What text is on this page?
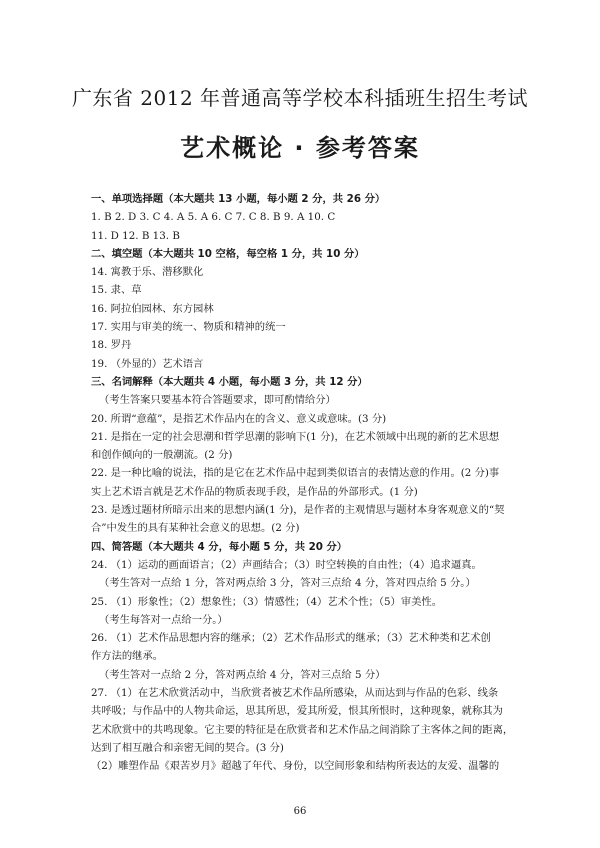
广东省 2012 年普通高等学校本科插班生招生考试
艺术概论 · 参考答案
一、单项选择题（本大题共 13 小题，每小题 2 分，共 26 分）
1. B 2. D 3. C 4. A 5. A 6. C 7. C 8. B 9. A 10. C
11. D 12. B 13. B
二、填空题（本大题共 10 空格，每空格 1 分，共 10 分）
14. 寓教于乐、潜移默化
15. 隶、草
16. 阿拉伯园林、东方园林
17. 实用与审美的统一、物质和精神的统一
18. 罗丹
19. （外显的）艺术语言
三、名词解释（本大题共 4 小题，每小题 3 分，共 12 分）
（考生答案只要基本符合答题要求，即可酌情给分）
20. 所谓“意蕴”，是指艺术作品内在的含义、意义或意味。(3 分)
21. 是指在一定的社会思潮和哲学思潮的影响下(1 分)，在艺术领域中出现的新的艺术思想
和创作倾向的一般潮流。(2 分)
22. 是一种比喻的说法，指的是它在艺术作品中起到类似语言的表情达意的作用。(2 分)事
实上艺术语言就是艺术作品的物质表现手段，是作品的外部形式。(1 分)
23. 是透过题材所暗示出来的思想内涵(1 分)，是作者的主观情思与题材本身客观意义的“契
合”中发生的具有某种社会意义的思想。(2 分)
四、简答题（本大题共 4 分，每小题 5 分，共 20 分）
24. （1）运动的画面语言；（2）声画结合；（3）时空转换的自由性；（4）追求逼真。
（考生答对一点给 1 分，答对两点给 3 分，答对三点给 4 分，答对四点给 5 分。）
25. （1）形象性；（2）想象性；（3）情感性；（4）艺术个性；（5）审美性。
（考生每答对一点给一分。）
26. （1）艺术作品思想内容的继承；（2）艺术作品形式的继承；（3）艺术种类和艺术创
作方法的继承。
（考生答对一点给 2 分，答对两点给 4 分，答对三点给 5 分）
27. （1）在艺术欣赏活动中，当欣赏者被艺术作品所感染，从而达到与作品的色彩、线条
共呼吸；与作品中的人物共命运，思其所思，爱其所爱，恨其所恨时，这种现象，就称其为
艺术欣赏中的共鸣现象。它主要的特征是在欣赏者和艺术作品之间消除了主客体之间的距离，
达到了相互融合和亲密无间的契合。(3 分)
（2）雕塑作品《艰苦岁月》超越了年代、身份，以空间形象和结构所表达的友爱、温馨的
66
